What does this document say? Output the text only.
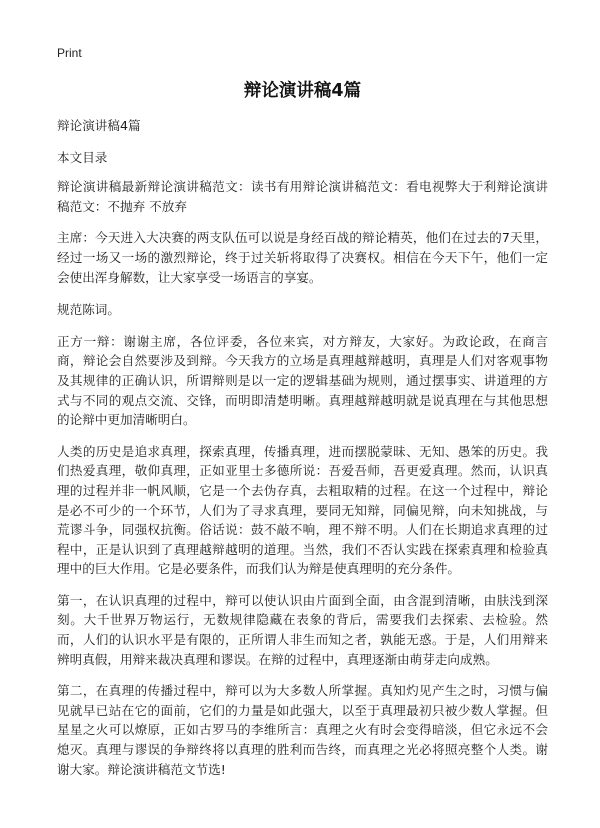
Print
辩论演讲稿4篇

辩论演讲稿4篇

本文目录

辩论演讲稿最新辩论演讲稿范文：读书有用辩论演讲稿范文：看电视弊大于利辩论演讲稿范文：不抛弃 不放弃

主席：今天进入大决赛的两支队伍可以说是身经百战的辩论精英，他们在过去的7天里，经过一场又一场的激烈辩论，终于过关斩将取得了决赛权。相信在今天下午，他们一定会使出浑身解数，让大家享受一场语言的享宴。

规范陈词。

正方一辩：谢谢主席，各位评委，各位来宾，对方辩友，大家好。为政论政，在商言商，辩论会自然要涉及到辩。今天我方的立场是真理越辩越明，真理是人们对客观事物及其规律的正确认识，所谓辩则是以一定的逻辑基础为规则，通过摆事实、讲道理的方式与不同的观点交流、交锋，而明即清楚明晰。真理越辩越明就是说真理在与其他思想的论辩中更加清晰明白。

人类的历史是追求真理，探索真理，传播真理，进而摆脱蒙昧、无知、愚笨的历史。我们热爱真理，敬仰真理，正如亚里士多德所说：吾爱吾师，吾更爱真理。然而，认识真理的过程并非一帆风顺，它是一个去伪存真，去粗取精的过程。在这一个过程中，辩论是必不可少的一个环节，人们为了寻求真理，要同无知辩，同偏见辩，向未知挑战，与荒谬斗争，同强权抗衡。俗话说：鼓不敲不响，理不辩不明。人们在长期追求真理的过程中，正是认识到了真理越辩越明的道理。当然，我们不否认实践在探索真理和检验真理中的巨大作用。它是必要条件，而我们认为辩是使真理明的充分条件。

第一，在认识真理的过程中，辩可以使认识由片面到全面，由含混到清晰，由肤浅到深刻。大千世界万物运行，无数规律隐藏在表象的背后，需要我们去探索、去检验。然而，人们的认识水平是有限的，正所谓人非生而知之者，孰能无惑。于是，人们用辩来辨明真假，用辩来裁决真理和谬误。在辩的过程中，真理逐渐由萌芽走向成熟。

第二，在真理的传播过程中，辩可以为大多数人所掌握。真知灼见产生之时，习惯与偏见就早已站在它的面前，它们的力量是如此强大，以至于真理最初只被少数人掌握。但星星之火可以燎原，正如古罗马的李维所言：真理之火有时会变得暗淡，但它永远不会熄灭。真理与谬误的争辩终将以真理的胜利而告终，而真理之光必将照亮整个人类。谢谢大家。辩论演讲稿范文节选!
